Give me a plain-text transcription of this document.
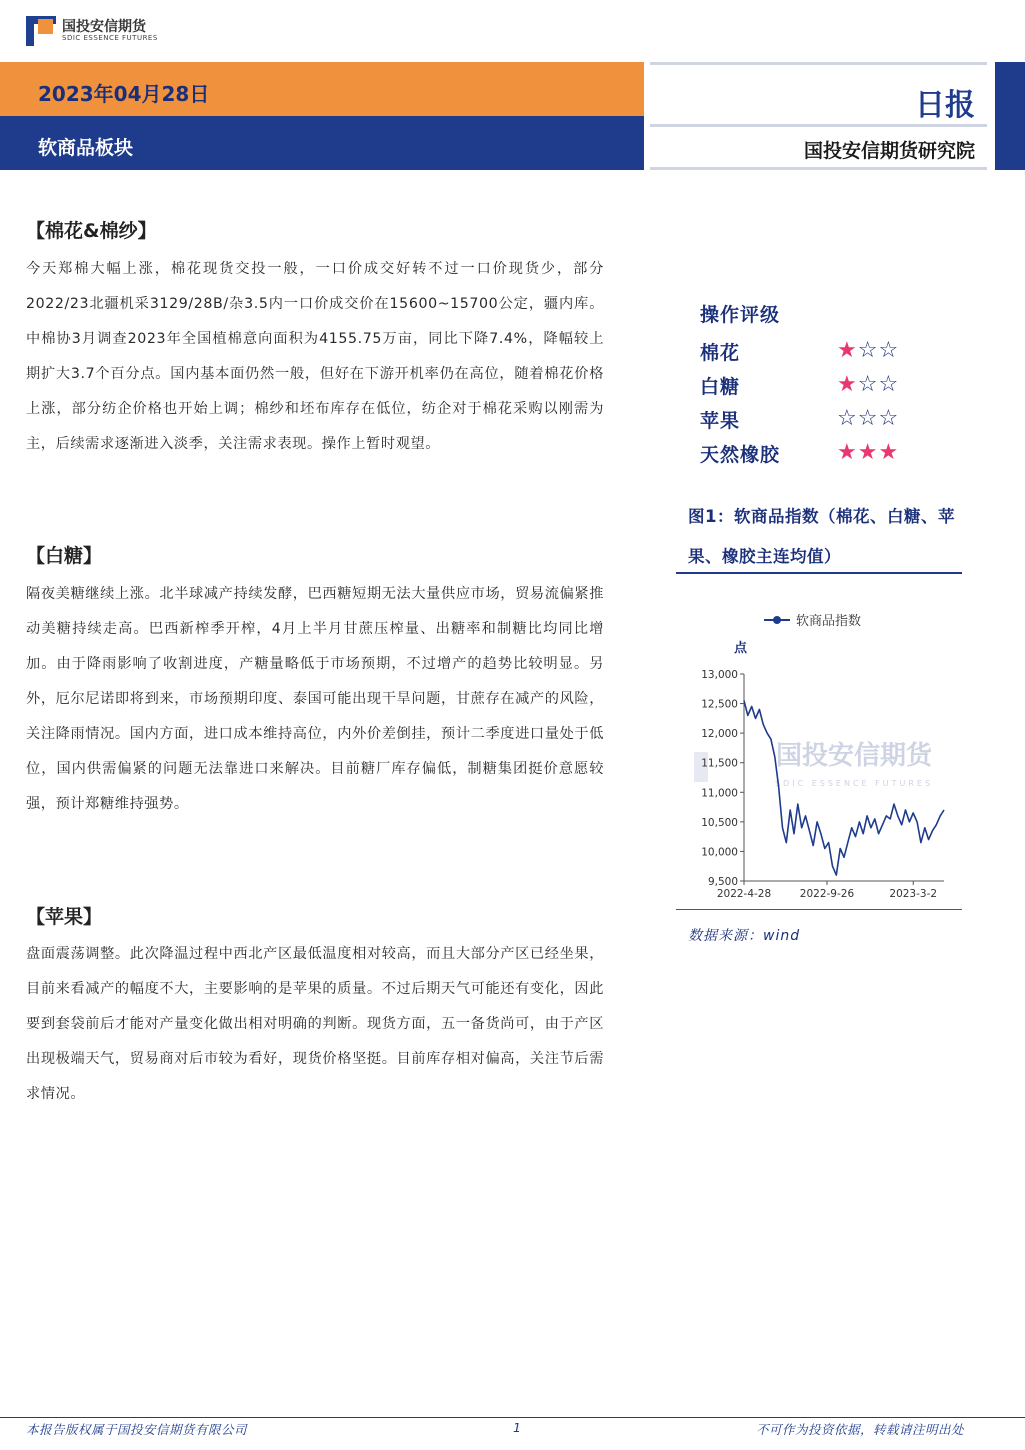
国投安信期货
SDIC ESSENCE FUTURES
2023年04月28日
软商品板块
日报
国投安信期货研究院
【棉花&棉纱】
今天郑棉大幅上涨，棉花现货交投一般，一口价成交好转不过一口价现货少，部分2022/23北疆机采3129/28B/杂3.5内一口价成交价在15600~15700公定，疆内库。中棉协3月调查2023年全国植棉意向面积为4155.75万亩，同比下降7.4%，降幅较上期扩大3.7个百分点。国内基本面仍然一般，但好在下游开机率仍在高位，随着棉花价格上涨，部分纺企价格也开始上调；棉纱和坯布库存在低位，纺企对于棉花采购以刚需为主，后续需求逐渐进入淡季，关注需求表现。操作上暂时观望。
【白糖】
隔夜美糖继续上涨。北半球减产持续发酵，巴西糖短期无法大量供应市场，贸易流偏紧推动美糖持续走高。巴西新榨季开榨，4月上半月甘蔗压榨量、出糖率和制糖比均同比增加。由于降雨影响了收割进度，产糖量略低于市场预期，不过增产的趋势比较明显。另外，厄尔尼诺即将到来，市场预期印度、泰国可能出现干旱问题，甘蔗存在减产的风险，关注降雨情况。国内方面，进口成本维持高位，内外价差倒挂，预计二季度进口量处于低位，国内供需偏紧的问题无法靠进口来解决。目前糖厂库存偏低，制糖集团挺价意愿较强，预计郑糖维持强势。
【苹果】
盘面震荡调整。此次降温过程中西北产区最低温度相对较高，而且大部分产区已经坐果，目前来看减产的幅度不大，主要影响的是苹果的质量。不过后期天气可能还有变化，因此要到套袋前后才能对产量变化做出相对明确的判断。现货方面，五一备货尚可，由于产区出现极端天气，贸易商对后市较为看好，现货价格坚挺。目前库存相对偏高，关注节后需求情况。
操作评级
棉花	★☆☆
白糖	★☆☆
苹果	☆☆☆
天然橡胶	★★★
图1：软商品指数（棉花、白糖、苹果、橡胶主连均值）
国投安信期货
SDIC ESSENCE FUTURES
软商品指数
点
9,500
10,000
10,500
11,000
11,500
12,000
12,500
13,000
2022-4-28	2022-9-26	2023-3-2
数据来源：wind
本报告版权属于国投安信期货有限公司	1	不可作为投资依据，转载请注明出处
